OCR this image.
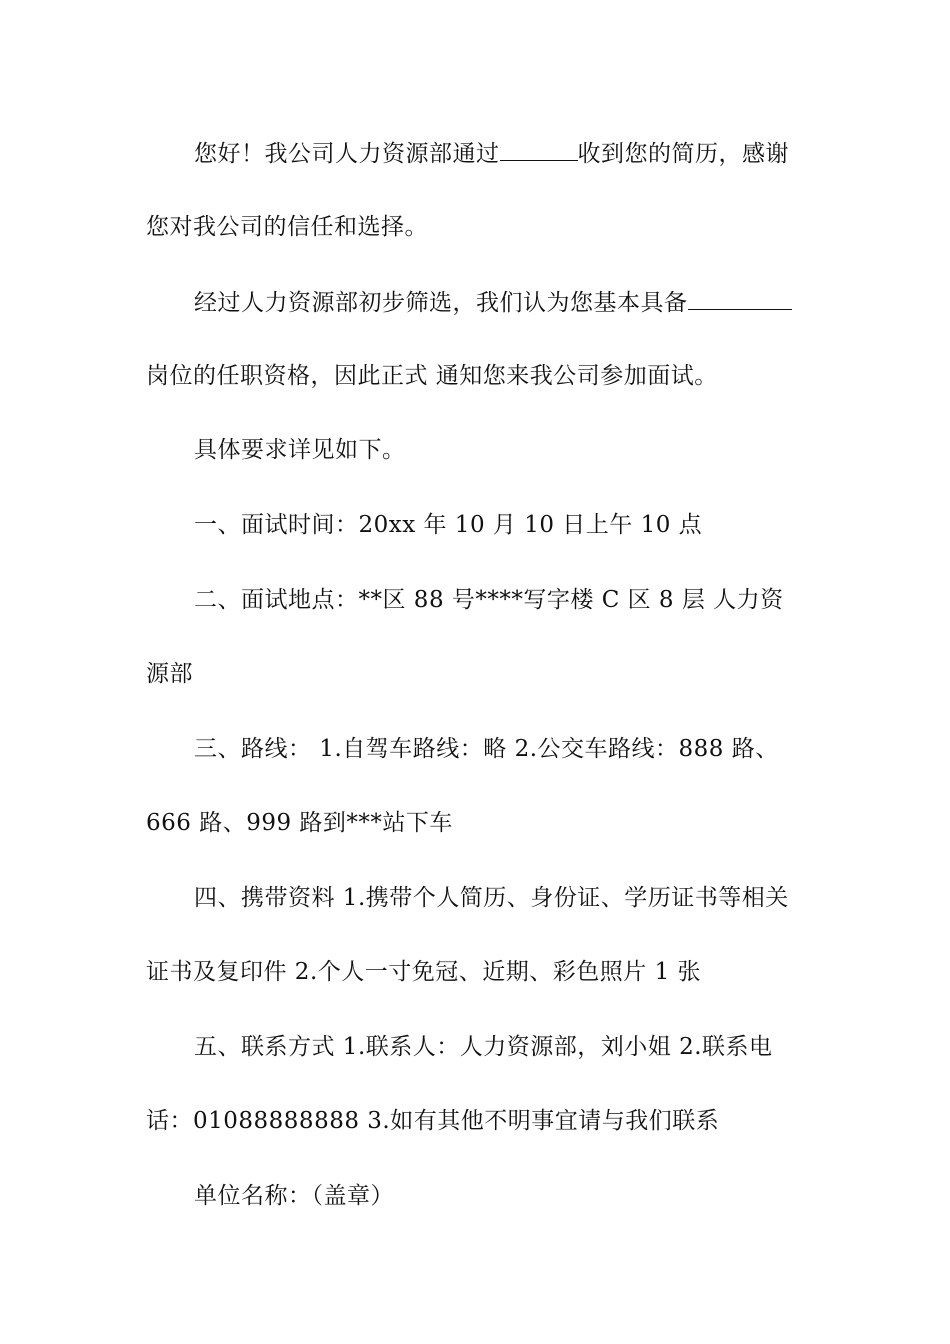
您好！我公司人力资源部通过	收到您的简历，感谢
您对我公司的信任和选择。
经过人力资源部初步筛选，我们认为您基本具备
岗位的任职资格，因此正式 通知您来我公司参加面试。
具体要求详见如下。
一、面试时间：20xx 年 10 月 10 日上午 10 点
二、面试地点：**区 88 号****写字楼 C 区 8 层 人力资
源部
三、路线： 1.自驾车路线：略 2.公交车路线：888 路、
666 路、999 路到***站下车
四、携带资料 1.携带个人简历、身份证、学历证书等相关
证书及复印件 2.个人一寸免冠、近期、彩色照片 1 张
五、联系方式 1.联系人：人力资源部，刘小姐 2.联系电
话：01088888888 3.如有其他不明事宜请与我们联系
单位名称：（盖章）
